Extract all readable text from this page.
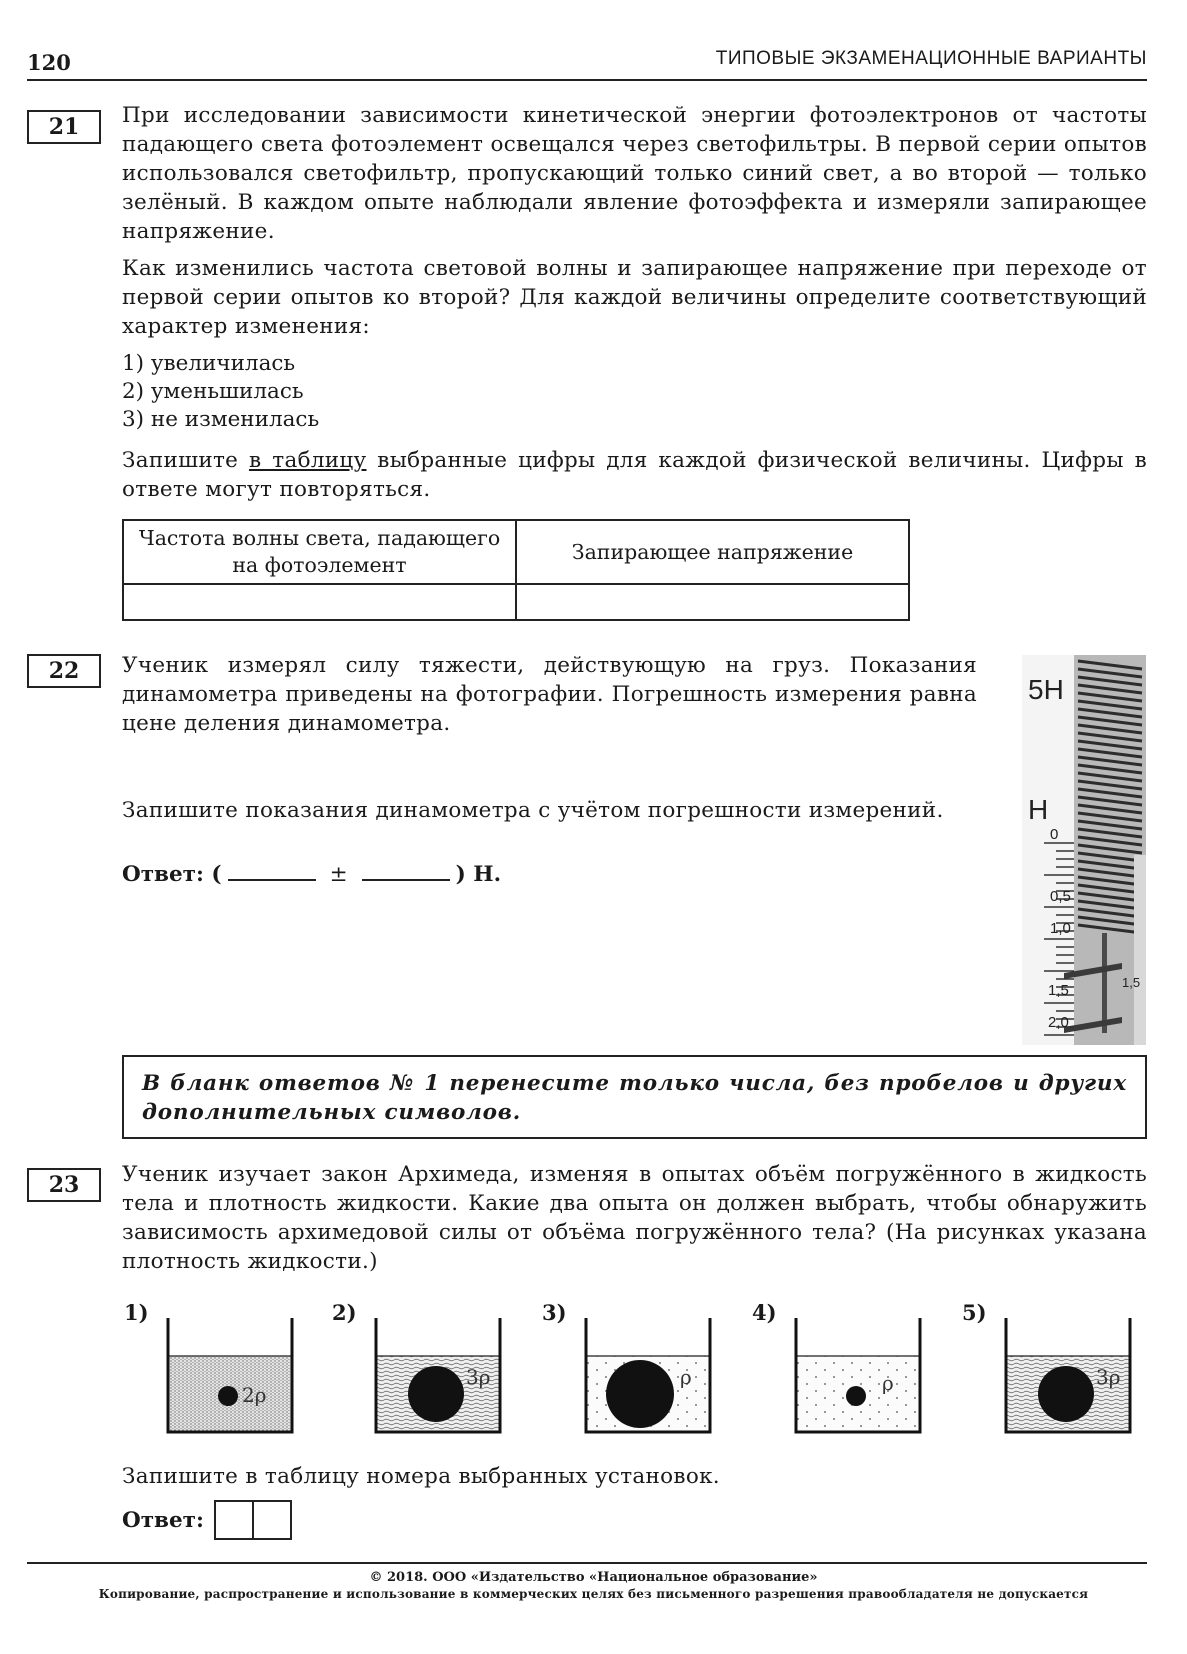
120	ТИПОВЫЕ ЭКЗАМЕНАЦИОННЫЕ ВАРИАНТЫ
21	При исследовании зависимости кинетической энергии фотоэлектронов от частоты падающего света фотоэлемент освещался через светофильтры. В первой серии опытов использовался светофильтр, пропускающий только синий свет, а во второй — только зелёный. В каждом опыте наблюдали явление фотоэффекта и измеряли запирающее напряжение.

Как изменились частота световой волны и запирающее напряжение при переходе от первой серии опытов ко второй? Для каждой величины определите соответствующий характер изменения:

1) увеличилась
2) уменьшилась
3) не изменилась

Запишите в таблицу выбранные цифры для каждой физической величины. Цифры в ответе могут повторяться.

Частота волны света, падающего на фотоэлемент	Запирающее напряжение

22	Ученик измерял силу тяжести, действующую на груз. Показания динамометра приведены на фотографии. Погрешность измерения равна цене деления динамометра.

Запишите показания динамометра с учётом погрешности измерений.

Ответ: (	±	) Н.
5Н
Н
0
0,5
1,0
1,5	1,5
2,0
В бланк ответов № 1 перенесите только числа, без пробелов и других дополнительных символов.
23	Ученик изучает закон Архимеда, изменяя в опытах объём погружённого в жидкость тела и плотность жидкости. Какие два опыта он должен выбрать, чтобы обнаружить зависимость архимедовой силы от объёма погружённого тела? (На рисунках указана плотность жидкости.)

1)
2ρ
2)
3ρ
3)
ρ
4)
ρ
5)
3ρ

Запишите в таблицу номера выбранных установок.

Ответ:
© 2018. ООО «Издательство «Национальное образование»
Копирование, распространение и использование в коммерческих целях без письменного разрешения правообладателя не допускается
